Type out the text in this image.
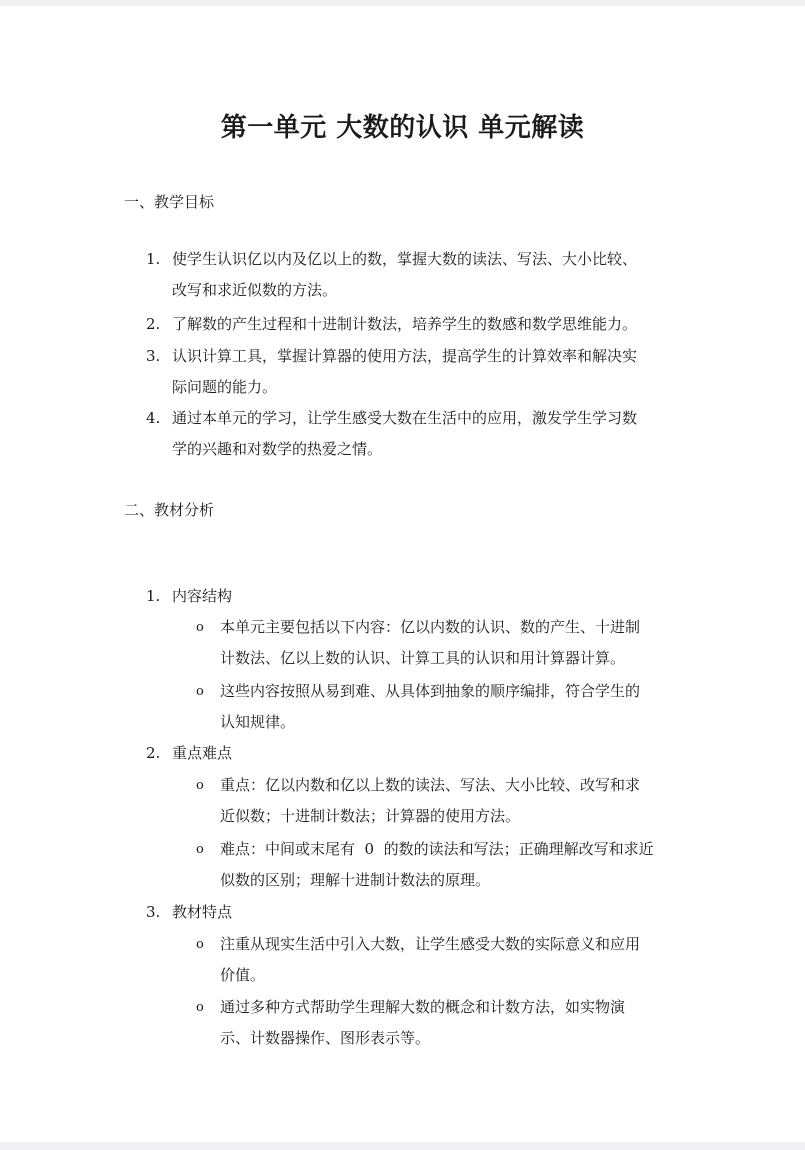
第一单元 大数的认识 单元解读
一、教学目标
1. 使学生认识亿以内及亿以上的数，掌握大数的读法、写法、大小比较、
改写和求近似数的方法。
2. 了解数的产生过程和十进制计数法，培养学生的数感和数学思维能力。
3. 认识计算工具，掌握计算器的使用方法，提高学生的计算效率和解决实
际问题的能力。
4. 通过本单元的学习，让学生感受大数在生活中的应用，激发学生学习数
学的兴趣和对数学的热爱之情。
二、教材分析
1. 内容结构
o 本单元主要包括以下内容：亿以内数的认识、数的产生、十进制
计数法、亿以上数的认识、计算工具的认识和用计算器计算。
o 这些内容按照从易到难、从具体到抽象的顺序编排，符合学生的
认知规律。
2. 重点难点
o 重点：亿以内数和亿以上数的读法、写法、大小比较、改写和求
近似数；十进制计数法；计算器的使用方法。
o 难点：中间或末尾有  0  的数的读法和写法；正确理解改写和求近
似数的区别；理解十进制计数法的原理。
3. 教材特点
o 注重从现实生活中引入大数，让学生感受大数的实际意义和应用
价值。
o 通过多种方式帮助学生理解大数的概念和计数方法，如实物演
示、计数器操作、图形表示等。
